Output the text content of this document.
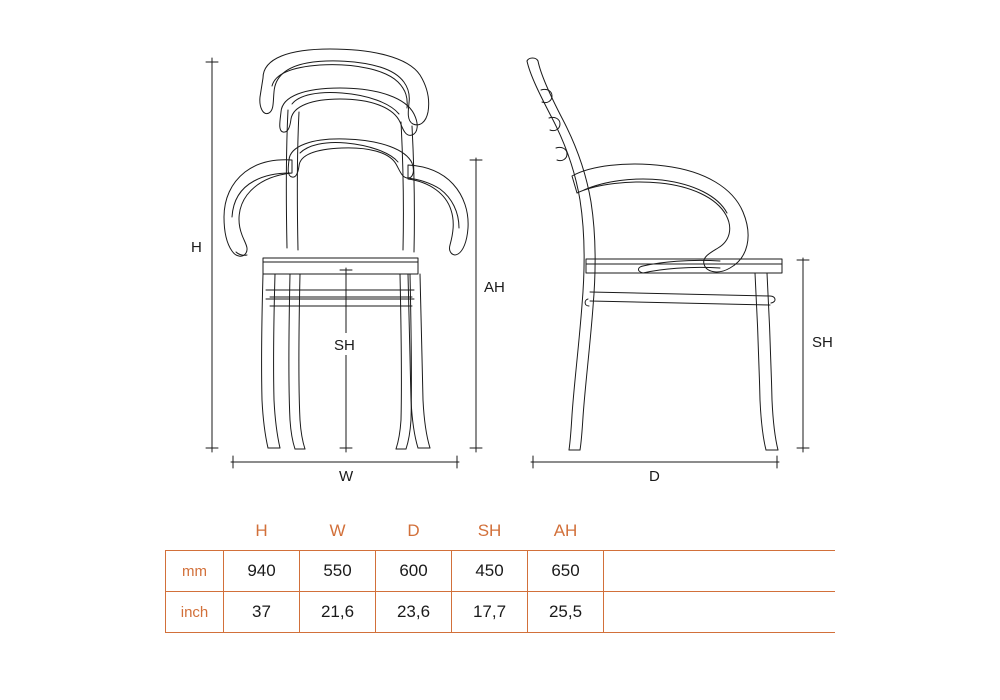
H
AH
SH
W	D
SH
	H	W	D	SH	AH	
mm	940	550	600	450	650	
inch	37	21,6	23,6	17,7	25,5	
